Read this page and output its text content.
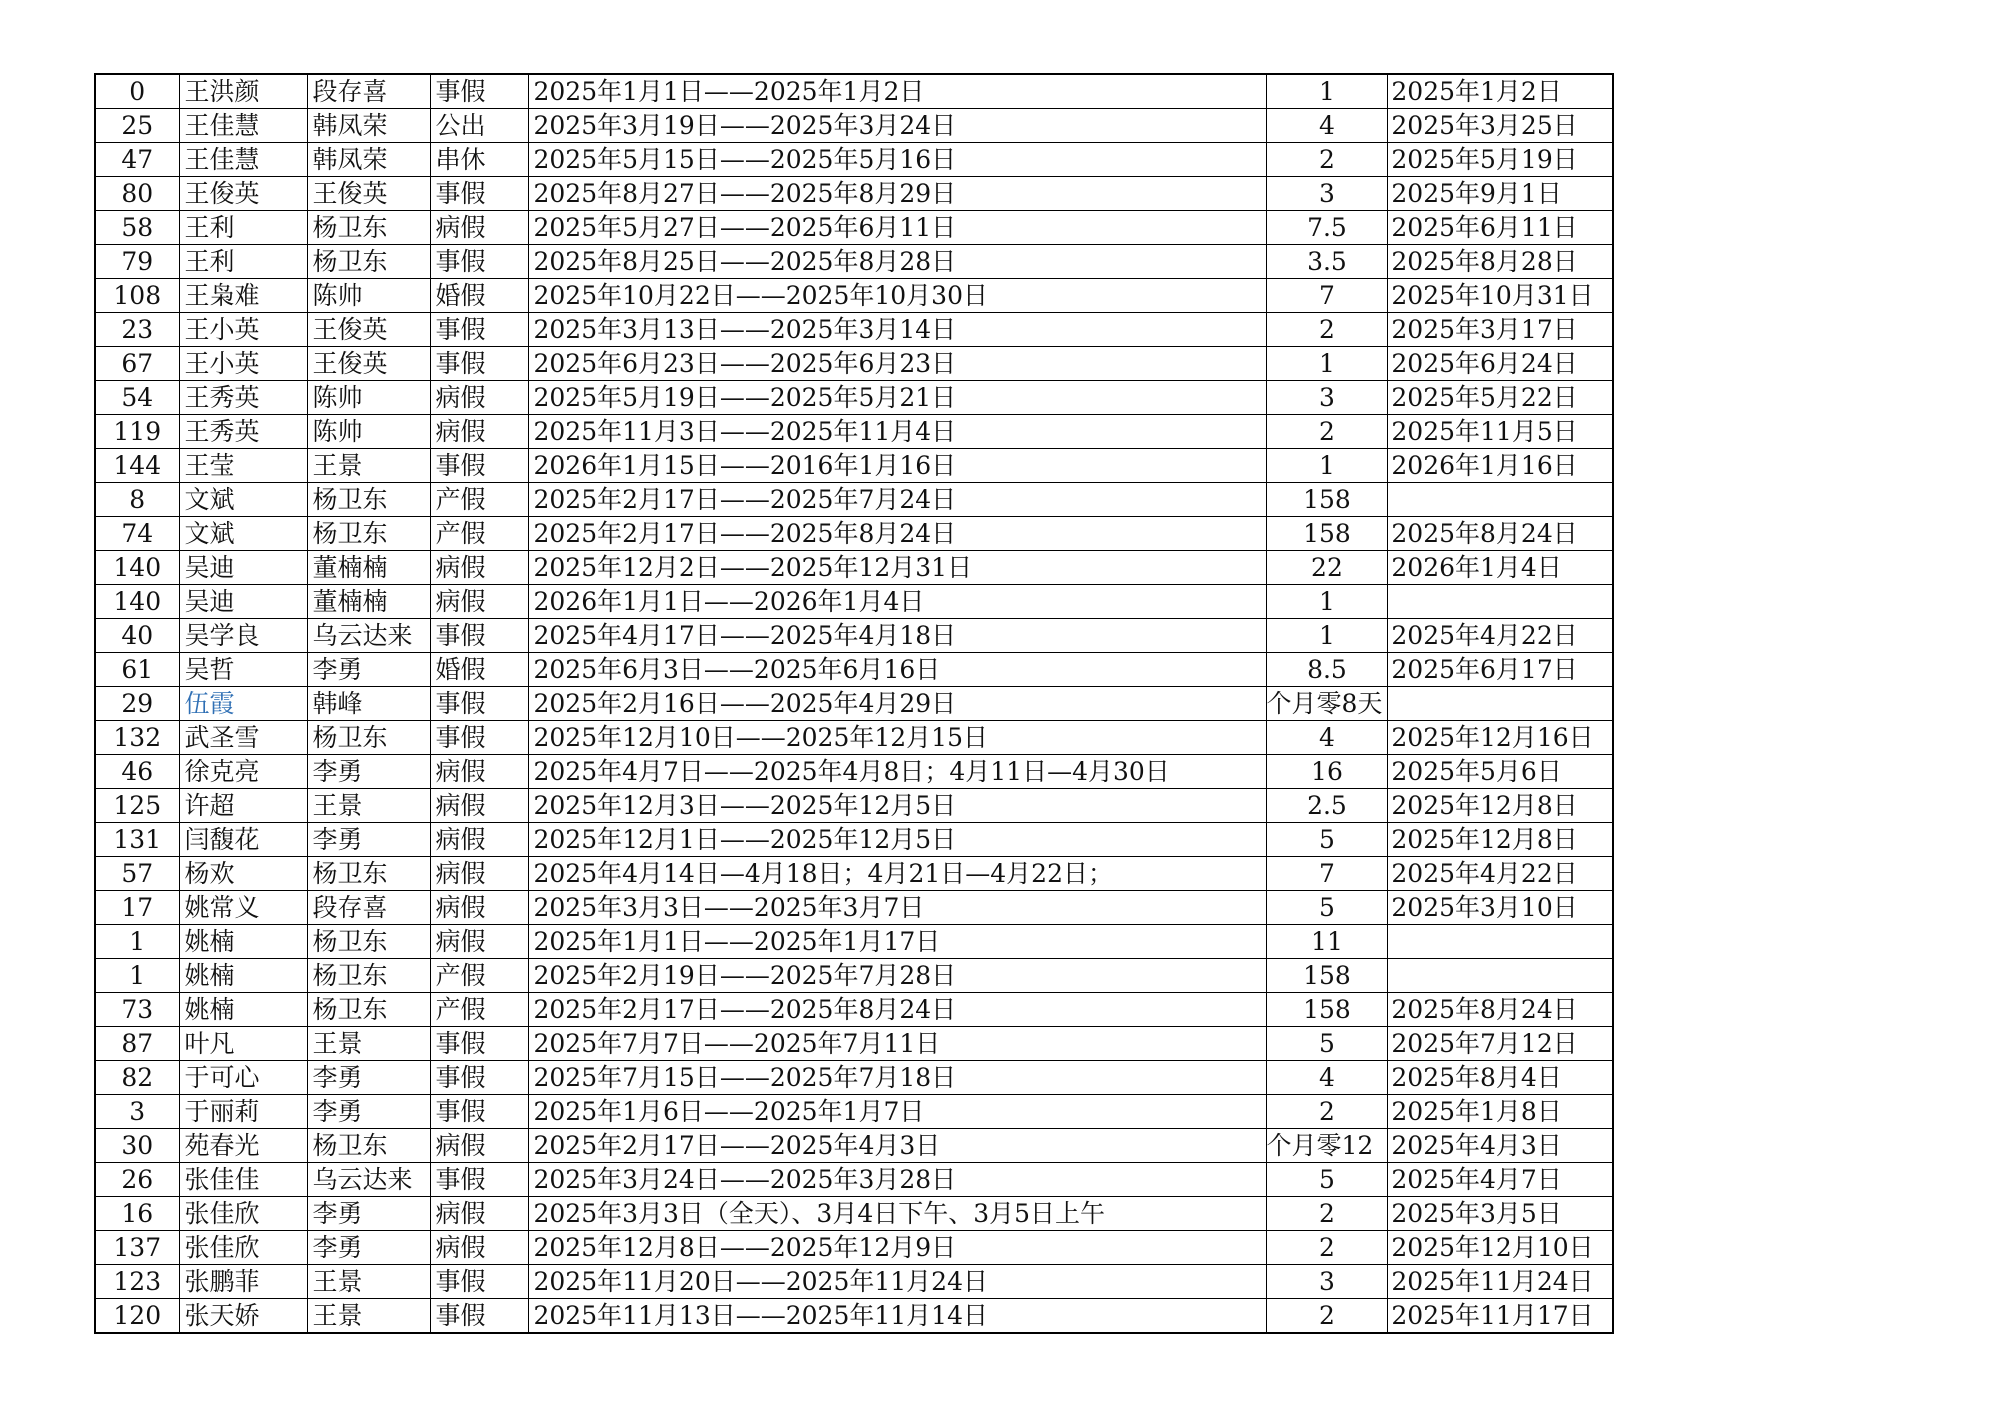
0	王洪颜	段存喜	事假	2025年1月1日——2025年1月2日	1	2025年1月2日
25	王佳慧	韩凤荣	公出	2025年3月19日——2025年3月24日	4	2025年3月25日
47	王佳慧	韩凤荣	串休	2025年5月15日——2025年5月16日	2	2025年5月19日
80	王俊英	王俊英	事假	2025年8月27日——2025年8月29日	3	2025年9月1日
58	王利	杨卫东	病假	2025年5月27日——2025年6月11日	7.5	2025年6月11日
79	王利	杨卫东	事假	2025年8月25日——2025年8月28日	3.5	2025年8月28日
108	王枭难	陈帅	婚假	2025年10月22日——2025年10月30日	7	2025年10月31日
23	王小英	王俊英	事假	2025年3月13日——2025年3月14日	2	2025年3月17日
67	王小英	王俊英	事假	2025年6月23日——2025年6月23日	1	2025年6月24日
54	王秀英	陈帅	病假	2025年5月19日——2025年5月21日	3	2025年5月22日
119	王秀英	陈帅	病假	2025年11月3日——2025年11月4日	2	2025年11月5日
144	王莹	王景	事假	2026年1月15日——2016年1月16日	1	2026年1月16日
8	文斌	杨卫东	产假	2025年2月17日——2025年7月24日	158	
74	文斌	杨卫东	产假	2025年2月17日——2025年8月24日	158	2025年8月24日
140	吴迪	董楠楠	病假	2025年12月2日——2025年12月31日	22	2026年1月4日
140	吴迪	董楠楠	病假	2026年1月1日——2026年1月4日	1	
40	吴学良	乌云达来	事假	2025年4月17日——2025年4月18日	1	2025年4月22日
61	吴哲	李勇	婚假	2025年6月3日——2025年6月16日	8.5	2025年6月17日
29	伍霞	韩峰	事假	2025年2月16日——2025年4月29日	个月零8天	
132	武圣雪	杨卫东	事假	2025年12月10日——2025年12月15日	4	2025年12月16日
46	徐克亮	李勇	病假	2025年4月7日——2025年4月8日；4月11日—4月30日	16	2025年5月6日
125	许超	王景	病假	2025年12月3日——2025年12月5日	2.5	2025年12月8日
131	闫馥花	李勇	病假	2025年12月1日——2025年12月5日	5	2025年12月8日
57	杨欢	杨卫东	病假	2025年4月14日—4月18日；4月21日—4月22日；	7	2025年4月22日
17	姚常义	段存喜	病假	2025年3月3日——2025年3月7日	5	2025年3月10日
1	姚楠	杨卫东	病假	2025年1月1日——2025年1月17日	11	
1	姚楠	杨卫东	产假	2025年2月19日——2025年7月28日	158	
73	姚楠	杨卫东	产假	2025年2月17日——2025年8月24日	158	2025年8月24日
87	叶凡	王景	事假	2025年7月7日——2025年7月11日	5	2025年7月12日
82	于可心	李勇	事假	2025年7月15日——2025年7月18日	4	2025年8月4日
3	于丽莉	李勇	事假	2025年1月6日——2025年1月7日	2	2025年1月8日
30	苑春光	杨卫东	病假	2025年2月17日——2025年4月3日	个月零12	2025年4月3日
26	张佳佳	乌云达来	事假	2025年3月24日——2025年3月28日	5	2025年4月7日
16	张佳欣	李勇	病假	2025年3月3日（全天）、3月4日下午、3月5日上午	2	2025年3月5日
137	张佳欣	李勇	病假	2025年12月8日——2025年12月9日	2	2025年12月10日
123	张鹏菲	王景	事假	2025年11月20日——2025年11月24日	3	2025年11月24日
120	张天娇	王景	事假	2025年11月13日——2025年11月14日	2	2025年11月17日
